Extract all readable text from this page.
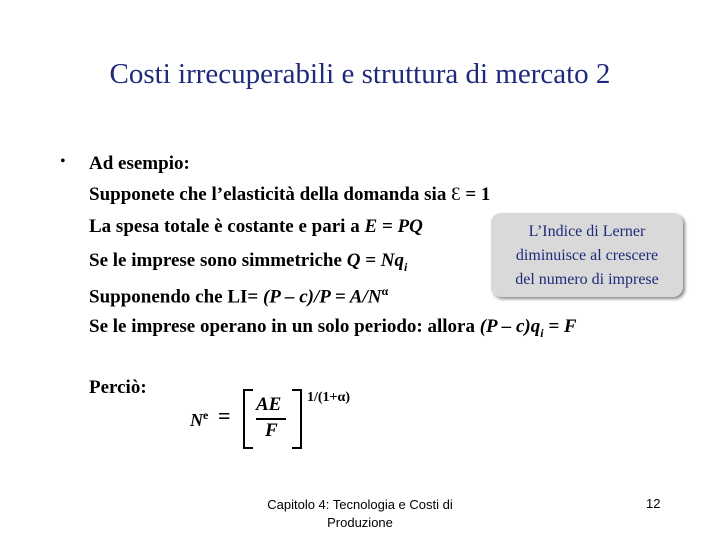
Costi irrecuperabili e struttura di mercato 2
• Ad esempio:
Supponete che l’elasticità della domanda sia Ɛ = 1
La spesa totale è costante e pari a E = PQ
Se le imprese sono simmetriche $Q = Nq_i$
Supponendo che $LI= (P - c)/P = A/N^\alpha$
Se le imprese operano in un solo periodo: allora $(P - c)q_i = F$
Perciò:
L’Indice di Lerner
diminuisce al crescere
del numero di imprese
$N^e$ = AE
F
1/(1+α)
Capitolo 4: Tecnologia e Costi di Produzione
12
